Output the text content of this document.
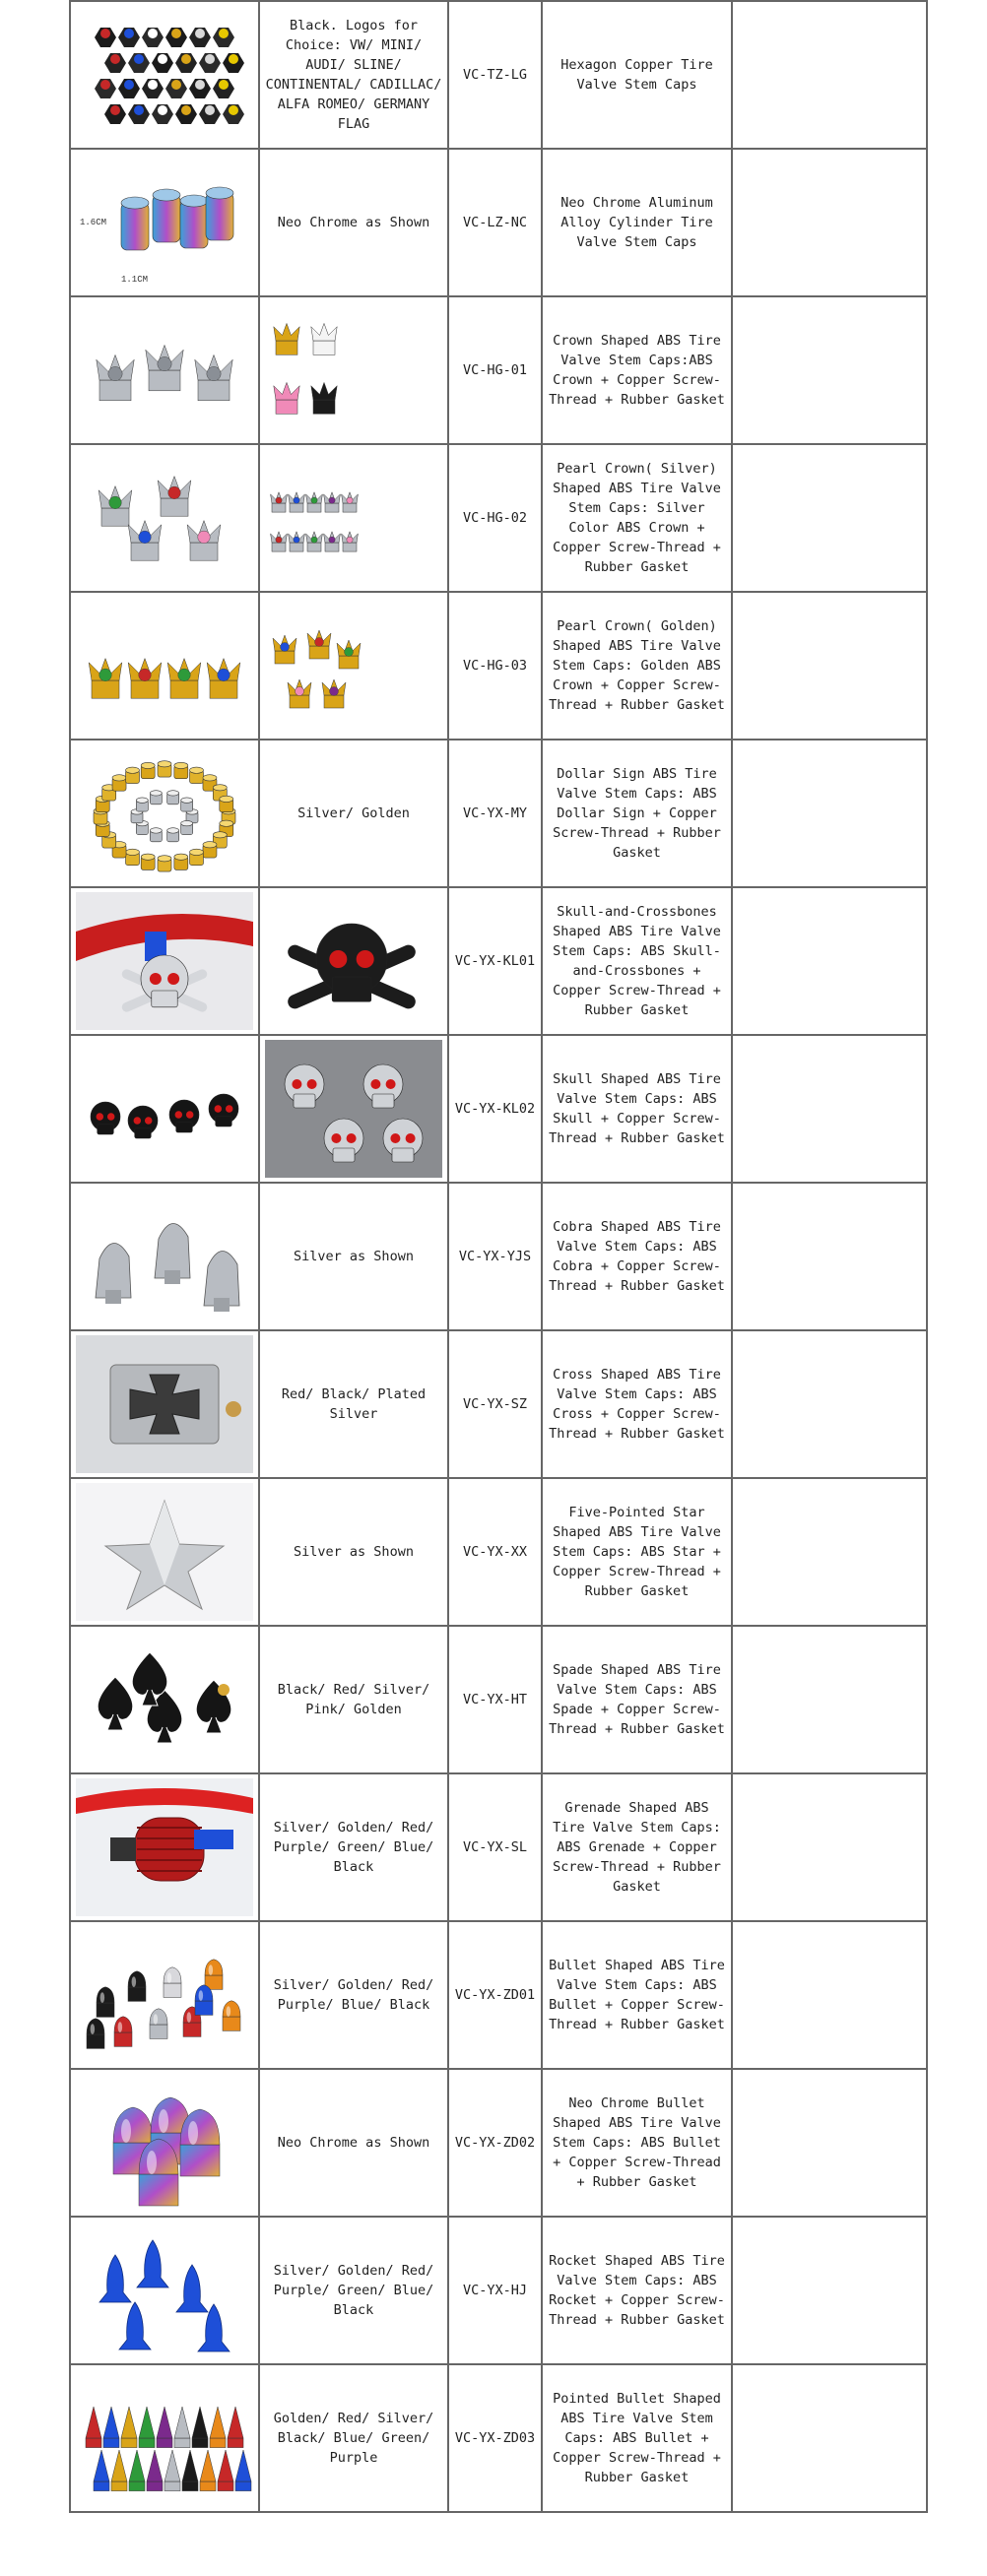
Black. Logos for Choice: VW/ MINI/ AUDI/ SLINE/ CONTINENTAL/ CADILLAC/ ALFA ROMEO/ GERMANY FLAG	VC-TZ-LG	Hexagon Copper Tire Valve Stem Caps	

1.6CM
1.1CM	Neo Chrome as Shown	VC-LZ-NC	Neo Chrome Aluminum Alloy Cylinder Tire Valve Stem Caps	

VC-HG-01	Crown Shaped ABS Tire Valve Stem Caps:ABS Crown + Copper Screw-Thread + Rubber Gasket	

VC-HG-02	Pearl Crown( Silver) Shaped ABS Tire Valve Stem Caps: Silver Color ABS Crown + Copper Screw-Thread + Rubber Gasket	

VC-HG-03	Pearl Crown( Golden) Shaped ABS Tire Valve Stem Caps: Golden ABS Crown + Copper Screw-Thread + Rubber Gasket	

Silver/ Golden	VC-YX-MY	Dollar Sign ABS Tire Valve Stem Caps: ABS Dollar Sign + Copper Screw-Thread + Rubber Gasket	

VC-YX-KL01	Skull-and-Crossbones Shaped ABS Tire Valve Stem Caps: ABS Skull-and-Crossbones + Copper Screw-Thread + Rubber Gasket	

VC-YX-KL02	Skull Shaped ABS Tire Valve Stem Caps: ABS Skull + Copper Screw-Thread + Rubber Gasket	

Silver as Shown	VC-YX-YJS	Cobra Shaped ABS Tire Valve Stem Caps: ABS Cobra + Copper Screw-Thread + Rubber Gasket	

Red/ Black/ Plated Silver	VC-YX-SZ	Cross Shaped ABS Tire Valve Stem Caps: ABS Cross + Copper Screw-Thread + Rubber Gasket	

Silver as Shown	VC-YX-XX	Five-Pointed Star Shaped ABS Tire Valve Stem Caps: ABS Star + Copper Screw-Thread + Rubber Gasket	

Black/ Red/ Silver/ Pink/ Golden	VC-YX-HT	Spade Shaped ABS Tire Valve Stem Caps: ABS Spade + Copper Screw-Thread + Rubber Gasket	

Silver/ Golden/ Red/ Purple/ Green/ Blue/ Black	VC-YX-SL	Grenade Shaped ABS Tire Valve Stem Caps: ABS Grenade + Copper Screw-Thread + Rubber Gasket	

Silver/ Golden/ Red/ Purple/ Blue/ Black	VC-YX-ZD01	Bullet Shaped ABS Tire Valve Stem Caps: ABS Bullet + Copper Screw-Thread + Rubber Gasket	

Neo Chrome as Shown	VC-YX-ZD02	Neo Chrome Bullet Shaped ABS Tire Valve Stem Caps: ABS Bullet + Copper Screw-Thread + Rubber Gasket	

Silver/ Golden/ Red/ Purple/ Green/ Blue/ Black	VC-YX-HJ	Rocket Shaped ABS Tire Valve Stem Caps: ABS Rocket + Copper Screw-Thread + Rubber Gasket	

Golden/ Red/ Silver/ Black/ Blue/ Green/ Purple	VC-YX-ZD03	Pointed Bullet Shaped ABS Tire Valve Stem Caps: ABS Bullet + Copper Screw-Thread + Rubber Gasket	
